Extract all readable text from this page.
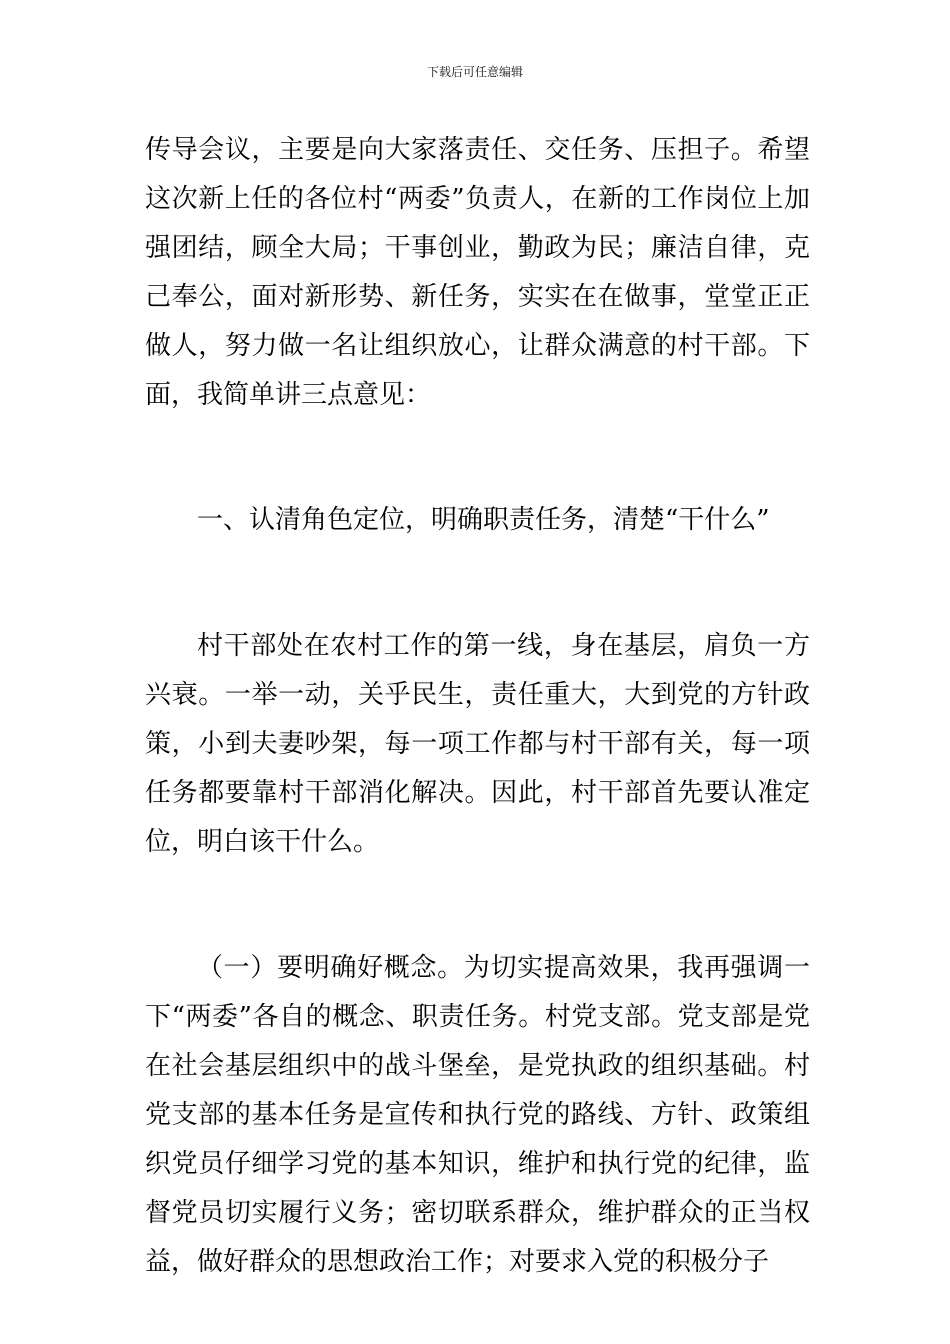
下载后可任意编辑

传导会议，主要是向大家落责任、交任务、压担子。希望这次新上任的各位村“两委”负责人，在新的工作岗位上加强团结，顾全大局；干事创业，勤政为民；廉洁自律，克己奉公，面对新形势、新任务，实实在在做事，堂堂正正做人，努力做一名让组织放心，让群众满意的村干部。下面，我简单讲三点意见：

一、认清角色定位，明确职责任务，清楚“干什么”

村干部处在农村工作的第一线，身在基层，肩负一方兴衰。一举一动，关乎民生，责任重大，大到党的方针政策，小到夫妻吵架，每一项工作都与村干部有关，每一项任务都要靠村干部消化解决。因此，村干部首先要认准定位，明白该干什么。

（一）要明确好概念。为切实提高效果，我再强调一下“两委”各自的概念、职责任务。村党支部。党支部是党在社会基层组织中的战斗堡垒，是党执政的组织基础。村党支部的基本任务是宣传和执行党的路线、方针、政策组织党员仔细学习党的基本知识，维护和执行党的纪律，监督党员切实履行义务；密切联系群众，维护群众的正当权益，做好群众的思想政治工作；对要求入党的积极分子
